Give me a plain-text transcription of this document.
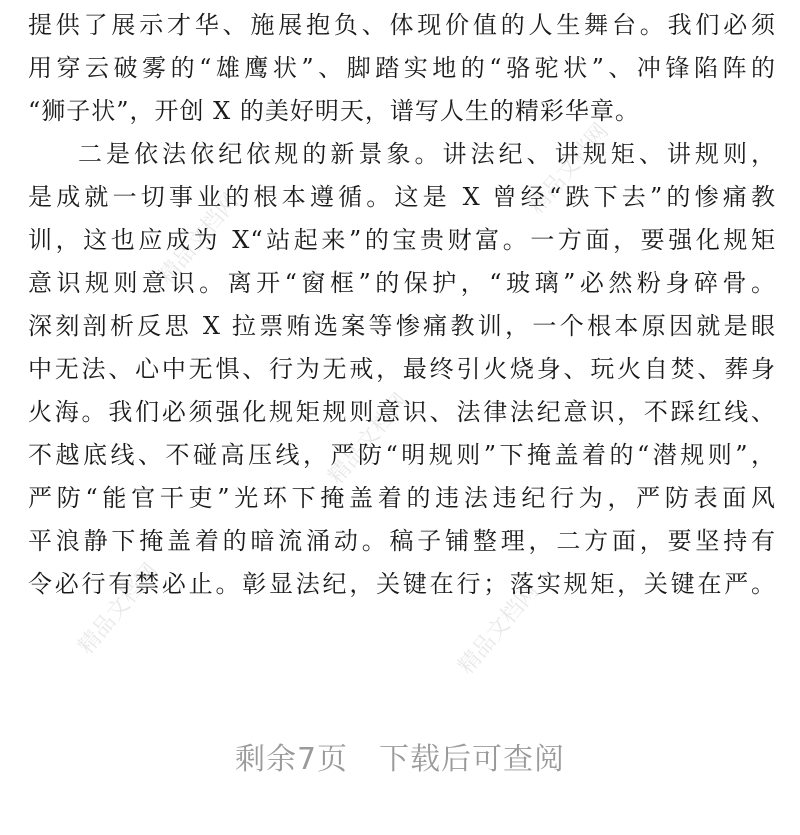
精品文档网
精品文档网
精品文档网
精品文档网	精品文档网
提供了展示才华、施展抱负、体现价值的人生舞台。我们必须
用穿云破雾的“雄鹰状”、脚踏实地的“骆驼状”、冲锋陷阵的
“狮子状”，开创 X 的美好明天，谱写人生的精彩华章。
二是依法依纪依规的新景象。讲法纪、讲规矩、讲规则，
是成就一切事业的根本遵循。这是 X 曾经“跌下去”的惨痛教
训，这也应成为 X“站起来”的宝贵财富。一方面，要强化规矩
意识规则意识。离开“窗框”的保护，“玻璃”必然粉身碎骨。
深刻剖析反思 X 拉票贿选案等惨痛教训，一个根本原因就是眼
中无法、心中无惧、行为无戒，最终引火烧身、玩火自焚、葬身
火海。我们必须强化规矩规则意识、法律法纪意识，不踩红线、
不越底线、不碰高压线，严防“明规则”下掩盖着的“潜规则”，
严防“能官干吏”光环下掩盖着的违法违纪行为，严防表面风
平浪静下掩盖着的暗流涌动。稿子铺整理，二方面，要坚持有
令必行有禁必止。彰显法纪，关键在行；落实规矩，关键在严。
剩余7页　下载后可查阅
